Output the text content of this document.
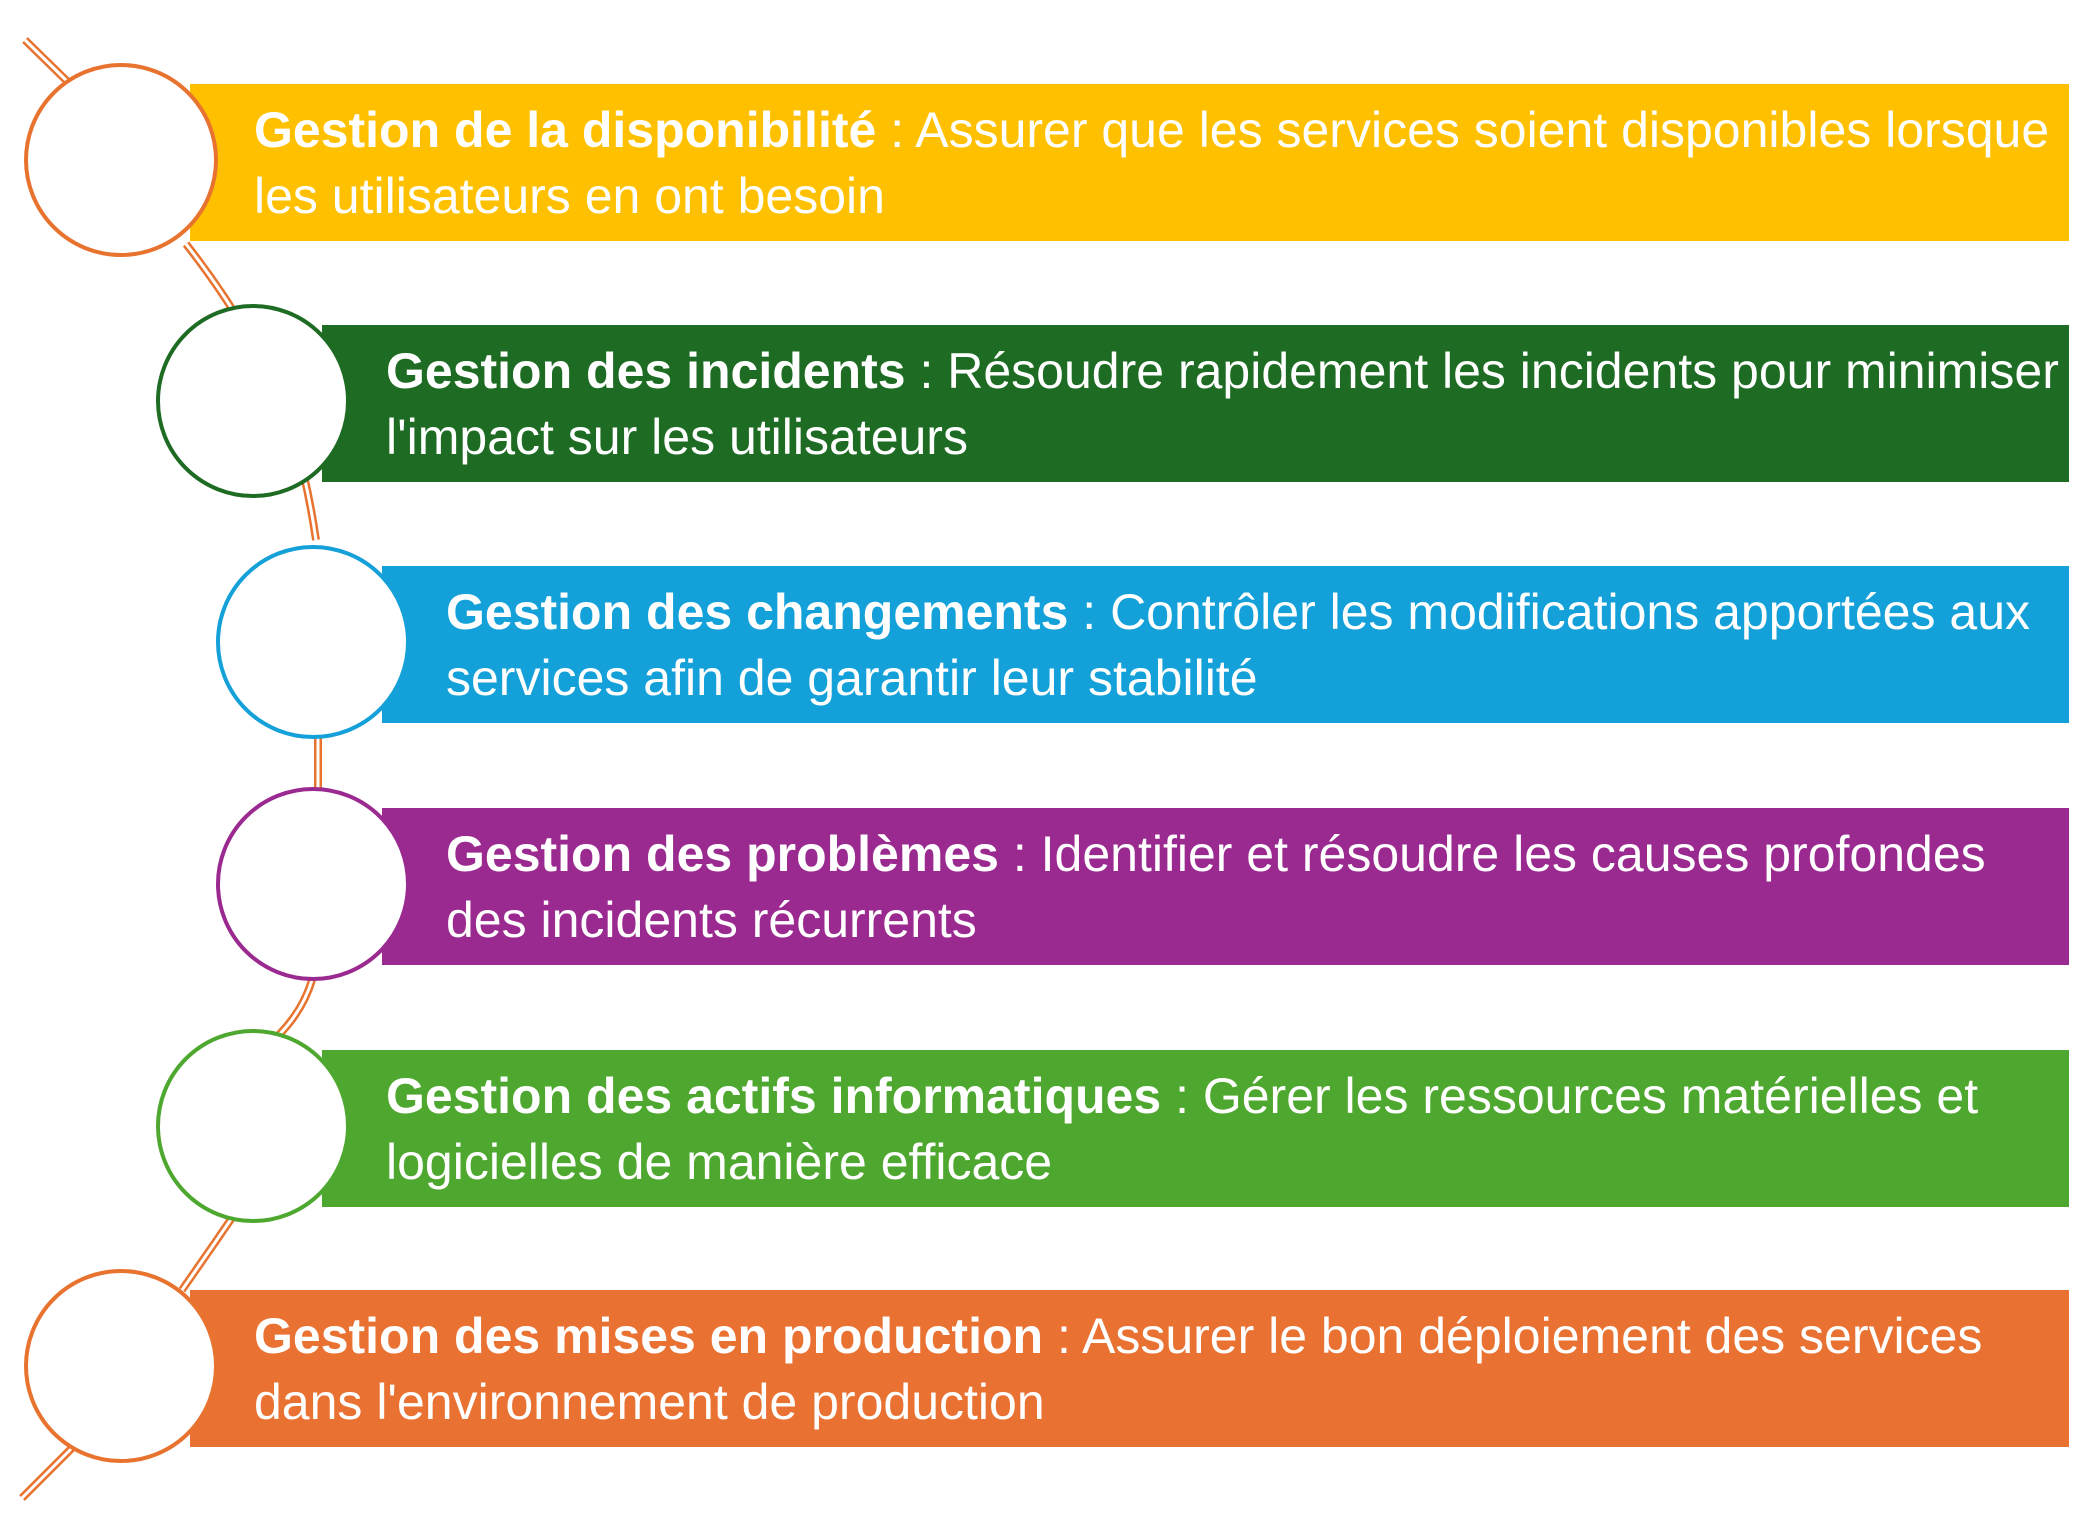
Gestion de la disponibilité : Assurer que les services soient disponibles lorsque les utilisateurs en ont besoin
Gestion des incidents : Résoudre rapidement les incidents pour minimiser l'impact sur les utilisateurs
Gestion des changements : Contrôler les modifications apportées aux services afin de garantir leur stabilité
Gestion des problèmes : Identifier et résoudre les causes profondes des incidents récurrents
Gestion des actifs informatiques : Gérer les ressources matérielles et logicielles de manière efficace
Gestion des mises en production : Assurer le bon déploiement des services dans l'environnement de production
